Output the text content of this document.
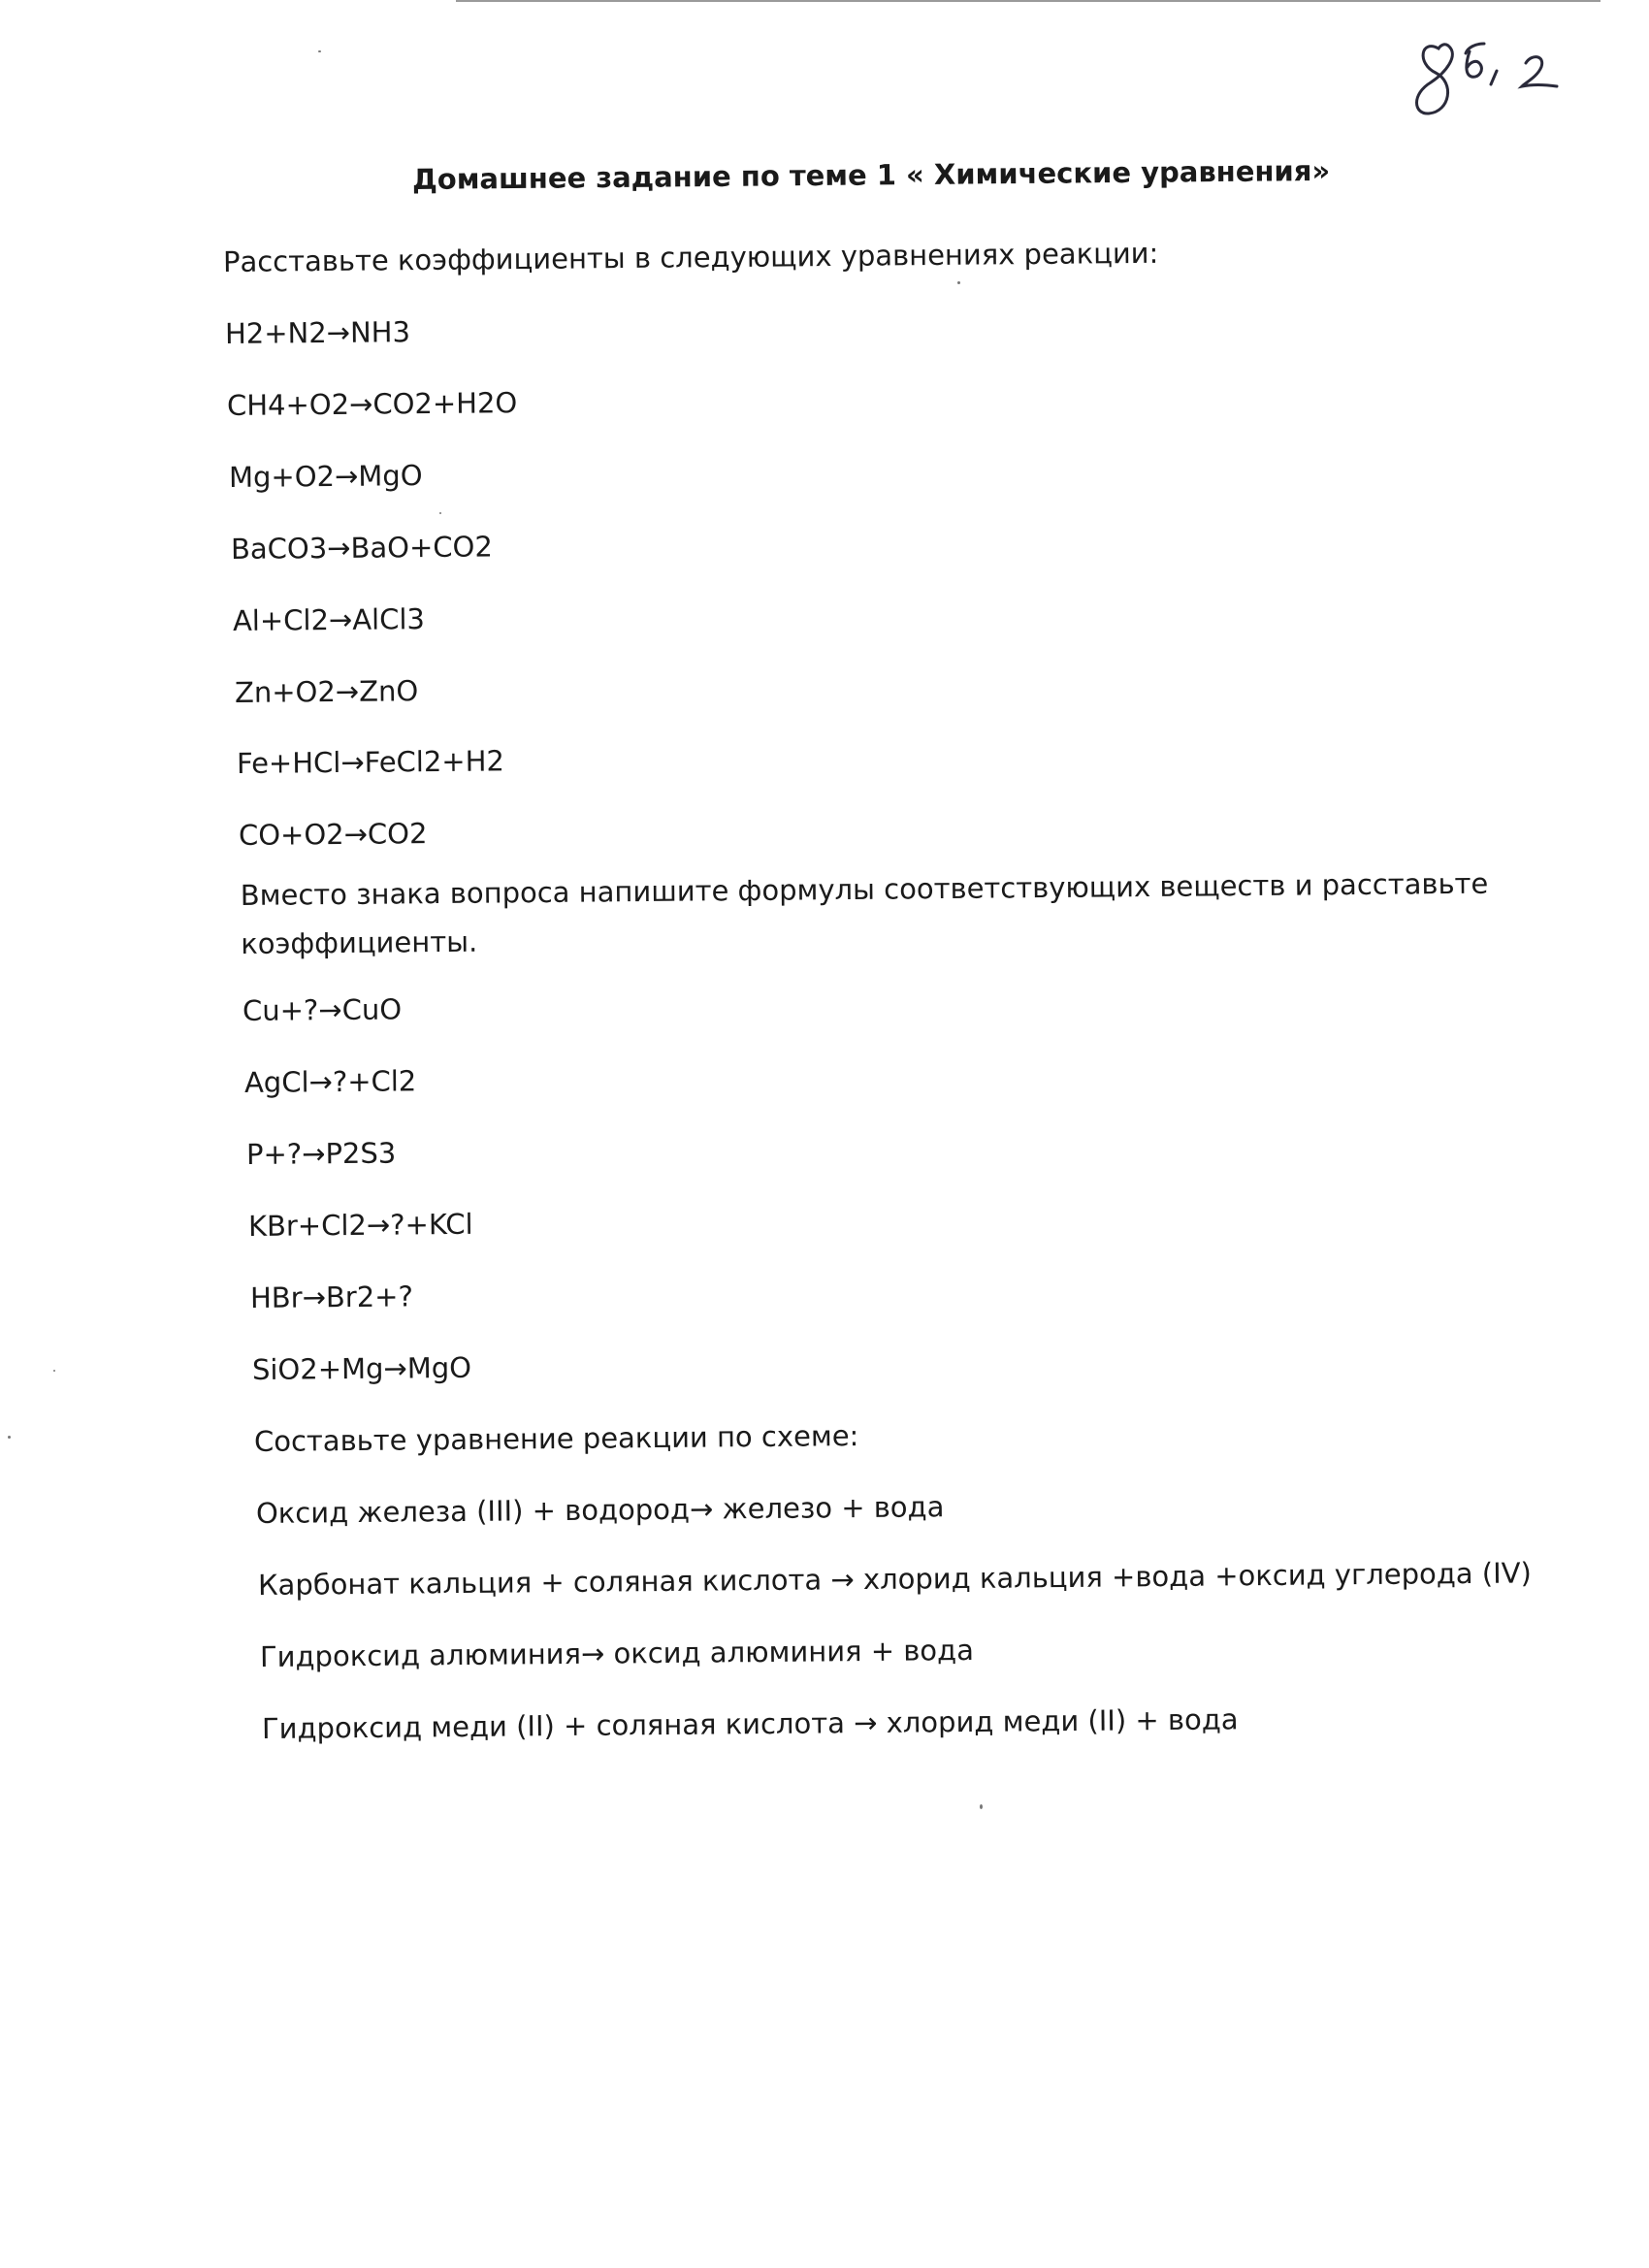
Домашнее задание по теме 1 « Химические уравнения»
Расставьте коэффициенты в следующих уравнениях реакции:
H2+N2→NH3
CH4+O2→CO2+H2O
Mg+O2→MgO
BaCO3→BaO+CO2
Al+Cl2→AlCl3
Zn+O2→ZnO
Fe+HCl→FeCl2+H2
CO+O2→CO2
Вместо знака вопроса напишите формулы соответствующих веществ и расставьте коэффициенты.
Cu+?→CuO
AgCl→?+Cl2
P+?→P2S3
KBr+Cl2→?+KCl
HBr→Br2+?
SiO2+Mg→MgO
Составьте уравнение реакции по схеме:
Оксид железа (III) + водород→ железо + вода
Карбонат кальция + соляная кислота → хлорид кальция +вода +оксид углерода (IV)
Гидроксид алюминия→ оксид алюминия + вода
Гидроксид меди (II) + соляная кислота → хлорид меди (II) + вода
